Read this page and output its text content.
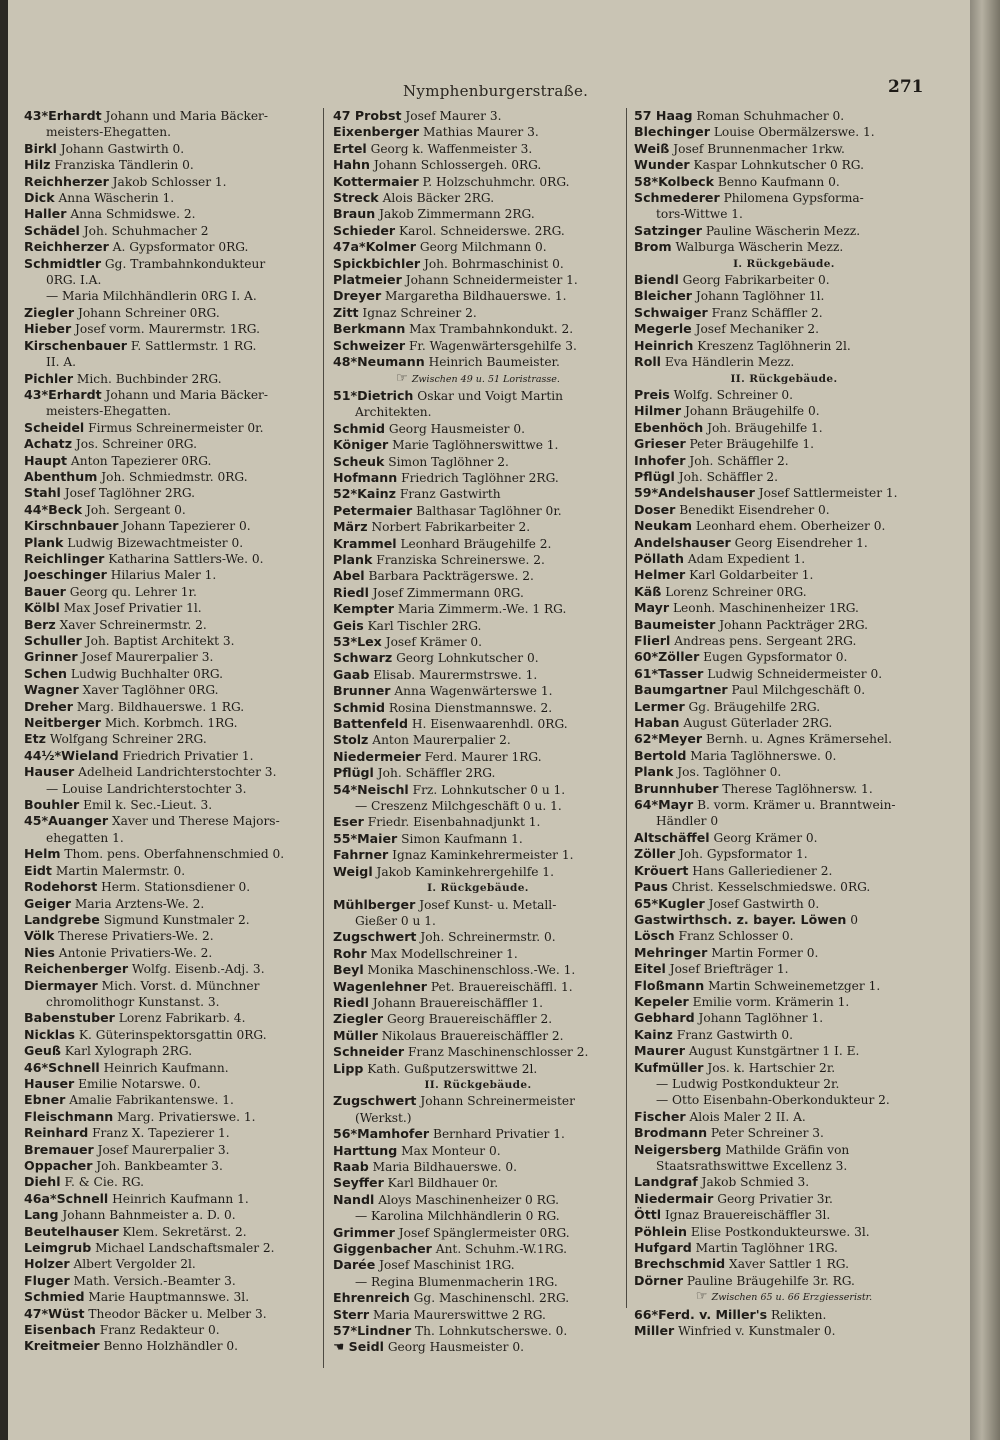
Nymphenburgerstraße.	271
43*Erhardt Johann und Maria Bäcker-
meisters-Ehegatten.
Birkl Johann Gastwirth 0.
Hilz Franziska Tändlerin 0.
Reichherzer Jakob Schlosser 1.
Dick Anna Wäscherin 1.
Haller Anna Schmidswe. 2.
Schädel Joh. Schuhmacher 2
Reichherzer A. Gypsformator 0RG.
Schmidtler Gg. Trambahnkondukteur
0RG. I.A.
— Maria Milchhändlerin 0RG I. A.
Ziegler Johann Schreiner 0RG.
Hieber Josef vorm. Maurermstr. 1RG.
Kirschenbauer F. Sattlermstr. 1 RG.
II. A.
Pichler Mich. Buchbinder 2RG.
43*Erhardt Johann und Maria Bäcker-
meisters-Ehegatten.
Scheidel Firmus Schreinermeister 0r.
Achatz Jos. Schreiner 0RG.
Haupt Anton Tapezierer 0RG.
Abenthum Joh. Schmiedmstr. 0RG.
Stahl Josef Taglöhner 2RG.
44*Beck Joh. Sergeant 0.
Kirschnbauer Johann Tapezierer 0.
Plank Ludwig Bizewachtmeister 0.
Reichlinger Katharina Sattlers-We. 0.
Joeschinger Hilarius Maler 1.
Bauer Georg qu. Lehrer 1r.
Kölbl Max Josef Privatier 1l.
Berz Xaver Schreinermstr. 2.
Schuller Joh. Baptist Architekt 3.
Grinner Josef Maurerpalier 3.
Schen Ludwig Buchhalter 0RG.
Wagner Xaver Taglöhner 0RG.
Dreher Marg. Bildhauerswe. 1 RG.
Neitberger Mich. Korbmch. 1RG.
Etz Wolfgang Schreiner 2RG.
44½*Wieland Friedrich Privatier 1.
Hauser Adelheid Landrichterstochter 3.
— Louise Landrichterstochter 3.
Bouhler Emil k. Sec.-Lieut. 3.
45*Auanger Xaver und Therese Majors-
ehegatten 1.
Helm Thom. pens. Oberfahnenschmied 0.
Eidt Martin Malermstr. 0.
Rodehorst Herm. Stationsdiener 0.
Geiger Maria Arztens-We. 2.
Landgrebe Sigmund Kunstmaler 2.
Völk Therese Privatiers-We. 2.
Nies Antonie Privatiers-We. 2.
Reichenberger Wolfg. Eisenb.-Adj. 3.
Diermayer Mich. Vorst. d. Münchner
chromolithogr Kunstanst. 3.
Babenstuber Lorenz Fabrikarb. 4.
Nicklas K. Güterinspektorsgattin 0RG.
Geuß Karl Xylograph 2RG.
46*Schnell Heinrich Kaufmann.
Hauser Emilie Notarswe. 0.
Ebner Amalie Fabrikantenswe. 1.
Fleischmann Marg. Privatierswe. 1.
Reinhard Franz X. Tapezierer 1.
Bremauer Josef Maurerpalier 3.
Oppacher Joh. Bankbeamter 3.
Diehl F. & Cie. RG.
46a*Schnell Heinrich Kaufmann 1.
Lang Johann Bahnmeister a. D. 0.
Beutelhauser Klem. Sekretärst. 2.
Leimgrub Michael Landschaftsmaler 2.
Holzer Albert Vergolder 2l.
Fluger Math. Versich.-Beamter 3.
Schmied Marie Hauptmannswe. 3l.
47*Wüst Theodor Bäcker u. Melber 3.
Eisenbach Franz Redakteur 0.
Kreitmeier Benno Holzhändler 0.
47 Probst Josef Maurer 3.
Eixenberger Mathias Maurer 3.
Ertel Georg k. Waffenmeister 3.
Hahn Johann Schlossergeh. 0RG.
Kottermaier P. Holzschuhmchr. 0RG.
Streck Alois Bäcker 2RG.
Braun Jakob Zimmermann 2RG.
Schieder Karol. Schneiderswe. 2RG.
47a*Kolmer Georg Milchmann 0.
Spickbichler Joh. Bohrmaschinist 0.
Platmeier Johann Schneidermeister 1.
Dreyer Margaretha Bildhauerswe. 1.
Zitt Ignaz Schreiner 2.
Berkmann Max Trambahnkondukt. 2.
Schweizer Fr. Wagenwärtersgehilfe 3.
48*Neumann Heinrich Baumeister.
☞ Zwischen 49 u. 51 Loristrasse.
51*Dietrich Oskar und Voigt Martin
Architekten.
Schmid Georg Hausmeister 0.
Königer Marie Taglöhnerswittwe 1.
Scheuk Simon Taglöhner 2.
Hofmann Friedrich Taglöhner 2RG.
52*Kainz Franz Gastwirth
Petermaier Balthasar Taglöhner 0r.
März Norbert Fabrikarbeiter 2.
Krammel Leonhard Bräugehilfe 2.
Plank Franziska Schreinerswe. 2.
Abel Barbara Packträgerswe. 2.
Riedl Josef Zimmermann 0RG.
Kempter Maria Zimmerm.-We. 1 RG.
Geis Karl Tischler 2RG.
53*Lex Josef Krämer 0.
Schwarz Georg Lohnkutscher 0.
Gaab Elisab. Maurermstrswe. 1.
Brunner Anna Wagenwärterswe 1.
Schmid Rosina Dienstmannswe. 2.
Battenfeld H. Eisenwaarenhdl. 0RG.
Stolz Anton Maurerpalier 2.
Niedermeier Ferd. Maurer 1RG.
Pflügl Joh. Schäffler 2RG.
54*Neischl Frz. Lohnkutscher 0 u 1.
— Creszenz Milchgeschäft 0 u. 1.
Eser Friedr. Eisenbahnadjunkt 1.
55*Maier Simon Kaufmann 1.
Fahrner Ignaz Kaminkehrermeister 1.
Weigl Jakob Kaminkehrergehilfe 1.
I. Rückgebäude.
Mühlberger Josef Kunst- u. Metall-
Gießer 0 u 1.
Zugschwert Joh. Schreinermstr. 0.
Rohr Max Modellschreiner 1.
Beyl Monika Maschinenschloss.-We. 1.
Wagenlehner Pet. Brauereischäffl. 1.
Riedl Johann Brauereischäffler 1.
Ziegler Georg Brauereischäffler 2.
Müller Nikolaus Brauereischäffler 2.
Schneider Franz Maschinenschlosser 2.
Lipp Kath. Gußputzerswittwe 2l.
II. Rückgebäude.
Zugschwert Johann Schreinermeister
(Werkst.)
56*Mamhofer Bernhard Privatier 1.
Harttung Max Monteur 0.
Raab Maria Bildhauerswe. 0.
Seyffer Karl Bildhauer 0r.
Nandl Aloys Maschinenheizer 0 RG.
— Karolina Milchhändlerin 0 RG.
Grimmer Josef Spänglermeister 0RG.
Giggenbacher Ant. Schuhm.-W.1RG.
Darée Josef Maschinist 1RG.
— Regina Blumenmacherin 1RG.
Ehrenreich Gg. Maschinenschl. 2RG.
Sterr Maria Maurerswittwe 2 RG.
57*Lindner Th. Lohnkutscherswe. 0.
☚ Seidl Georg Hausmeister 0.
57 Haag Roman Schuhmacher 0.
Blechinger Louise Obermälzerswe. 1.
Weiß Josef Brunnenmacher 1rkw.
Wunder Kaspar Lohnkutscher 0 RG.
58*Kolbeck Benno Kaufmann 0.
Schmederer Philomena Gypsforma-
tors-Wittwe 1.
Satzinger Pauline Wäscherin Mezz.
Brom Walburga Wäscherin Mezz.
I. Rückgebäude.
Biendl Georg Fabrikarbeiter 0.
Bleicher Johann Taglöhner 1l.
Schwaiger Franz Schäffler 2.
Megerle Josef Mechaniker 2.
Heinrich Kreszenz Taglöhnerin 2l.
Roll Eva Händlerin Mezz.
II. Rückgebäude.
Preis Wolfg. Schreiner 0.
Hilmer Johann Bräugehilfe 0.
Ebenhöch Joh. Bräugehilfe 1.
Grieser Peter Bräugehilfe 1.
Inhofer Joh. Schäffler 2.
Pflügl Joh. Schäffler 2.
59*Andelshauser Josef Sattlermeister 1.
Doser Benedikt Eisendreher 0.
Neukam Leonhard ehem. Oberheizer 0.
Andelshauser Georg Eisendreher 1.
Pöllath Adam Expedient 1.
Helmer Karl Goldarbeiter 1.
Käß Lorenz Schreiner 0RG.
Mayr Leonh. Maschinenheizer 1RG.
Baumeister Johann Packträger 2RG.
Flierl Andreas pens. Sergeant 2RG.
60*Zöller Eugen Gypsformator 0.
61*Tasser Ludwig Schneidermeister 0.
Baumgartner Paul Milchgeschäft 0.
Lermer Gg. Bräugehilfe 2RG.
Haban August Güterlader 2RG.
62*Meyer Bernh. u. Agnes Krämersehel.
Bertold Maria Taglöhnerswe. 0.
Plank Jos. Taglöhner 0.
Brunnhuber Therese Taglöhnersw. 1.
64*Mayr B. vorm. Krämer u. Branntwein-
Händler 0
Altschäffel Georg Krämer 0.
Zöller Joh. Gypsformator 1.
Kröuert Hans Galleriediener 2.
Paus Christ. Kesselschmiedswe. 0RG.
65*Kugler Josef Gastwirth 0.
Gastwirthsch. z. bayer. Löwen 0
Lösch Franz Schlosser 0.
Mehringer Martin Former 0.
Eitel Josef Briefträger 1.
Floßmann Martin Schweinemetzger 1.
Kepeler Emilie vorm. Krämerin 1.
Gebhard Johann Taglöhner 1.
Kainz Franz Gastwirth 0.
Maurer August Kunstgärtner 1 I. E.
Kufmüller Jos. k. Hartschier 2r.
— Ludwig Postkondukteur 2r.
— Otto Eisenbahn-Oberkondukteur 2.
Fischer Alois Maler 2 II. A.
Brodmann Peter Schreiner 3.
Neigersberg Mathilde Gräfin von
Staatsrathswittwe Excellenz 3.
Landgraf Jakob Schmied 3.
Niedermair Georg Privatier 3r.
Öttl Ignaz Brauereischäffler 3l.
Pöhlein Elise Postkondukteurswe. 3l.
Hufgard Martin Taglöhner 1RG.
Brechschmid Xaver Sattler 1 RG.
Dörner Pauline Bräugehilfe 3r. RG.
☞ Zwischen 65 u. 66 Erzgiesseristr.
66*Ferd. v. Miller's Relikten.
Miller Winfried v. Kunstmaler 0.
